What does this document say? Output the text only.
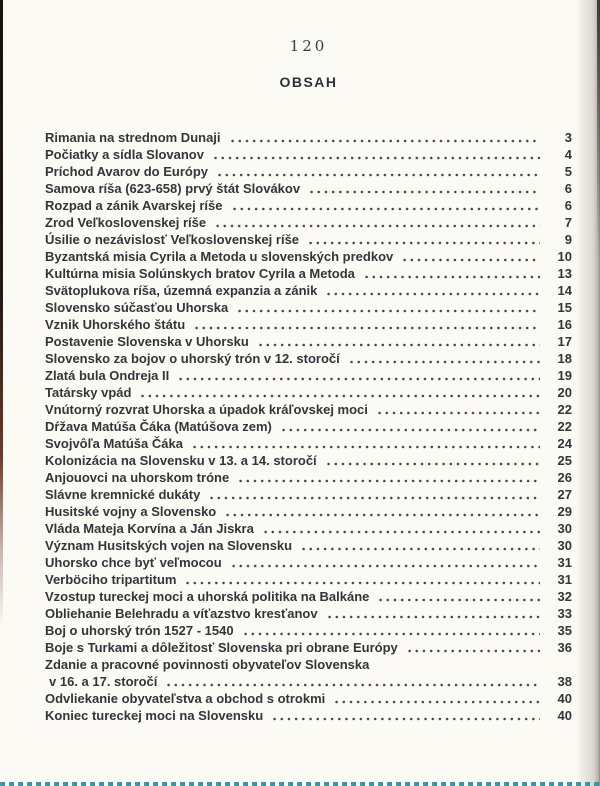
120
OBSAH
Rimania na strednom Dunaji	3
Počiatky a sídla Slovanov	4
Príchod Avarov do Európy	5
Samova ríša (623-658) prvý štát Slovákov	6
Rozpad a zánik Avarskej ríše	6
Zrod Veľkoslovenskej ríše	7
Úsilie o nezávislosť Veľkoslovenskej ríše	9
Byzantská misia Cyrila a Metoda u slovenských predkov	10
Kultúrna misia Solúnskych bratov Cyrila a Metoda	13
Svätoplukova ríša, územná expanzia a zánik	14
Slovensko súčasťou Uhorska	15
Vznik Uhorského štátu	16
Postavenie Slovenska v Uhorsku	17
Slovensko za bojov o uhorský trón v 12. storočí	18
Zlatá bula Ondreja II	19
Tatársky vpád	20
Vnútorný rozvrat Uhorska a úpadok kráľovskej moci	22
Dŕžava Matúša Čáka (Matúšova zem)	22
Svojvôľa Matúša Čáka	24
Kolonizácia na Slovensku v 13. a 14. storočí	25
Anjouovci na uhorskom tróne	26
Slávne kremnické dukáty	27
Husitské vojny a Slovensko	29
Vláda Mateja Korvína a Ján Jiskra	30
Význam Husitských vojen na Slovensku	30
Uhorsko chce byť veľmocou	31
Verböciho tripartitum	31
Vzostup tureckej moci a uhorská politika na Balkáne	32
Obliehanie Belehradu a víťazstvo kresťanov	33
Boj o uhorský trón 1527 - 1540	35
Boje s Turkami a dôležitosť Slovenska pri obrane Európy	36
Zdanie a pracovné povinnosti obyvateľov Slovenska
v 16. a 17. storočí	38
Odvliekanie obyvateľstva a obchod s otrokmi	40
Koniec tureckej moci na Slovensku	40
